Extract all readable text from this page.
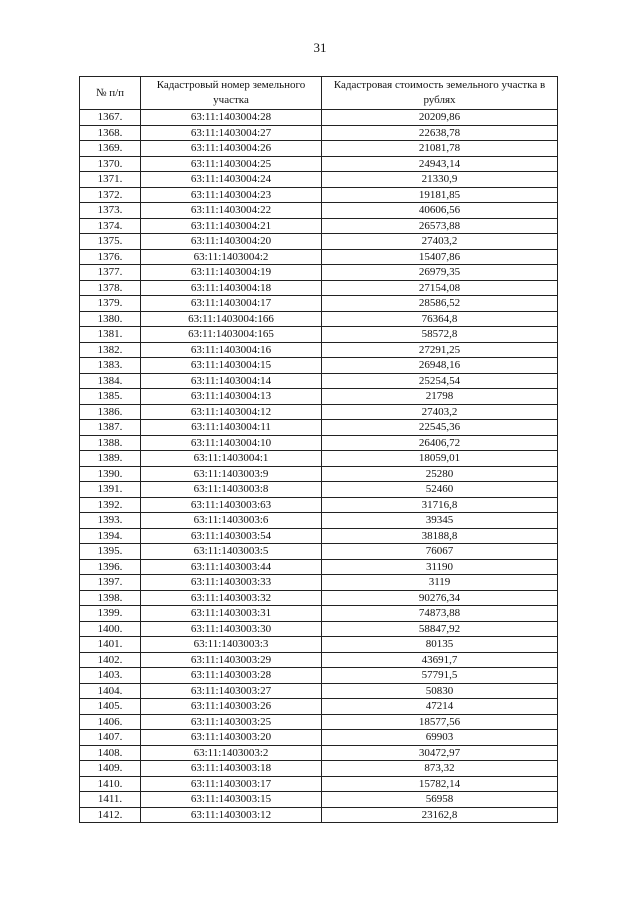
31
№ п/п	Кадастровый номер земельного участка	Кадастровая стоимость земельного участка в рублях
1367.	63:11:1403004:28	20209,86
1368.	63:11:1403004:27	22638,78
1369.	63:11:1403004:26	21081,78
1370.	63:11:1403004:25	24943,14
1371.	63:11:1403004:24	21330,9
1372.	63:11:1403004:23	19181,85
1373.	63:11:1403004:22	40606,56
1374.	63:11:1403004:21	26573,88
1375.	63:11:1403004:20	27403,2
1376.	63:11:1403004:2	15407,86
1377.	63:11:1403004:19	26979,35
1378.	63:11:1403004:18	27154,08
1379.	63:11:1403004:17	28586,52
1380.	63:11:1403004:166	76364,8
1381.	63:11:1403004:165	58572,8
1382.	63:11:1403004:16	27291,25
1383.	63:11:1403004:15	26948,16
1384.	63:11:1403004:14	25254,54
1385.	63:11:1403004:13	21798
1386.	63:11:1403004:12	27403,2
1387.	63:11:1403004:11	22545,36
1388.	63:11:1403004:10	26406,72
1389.	63:11:1403004:1	18059,01
1390.	63:11:1403003:9	25280
1391.	63:11:1403003:8	52460
1392.	63:11:1403003:63	31716,8
1393.	63:11:1403003:6	39345
1394.	63:11:1403003:54	38188,8
1395.	63:11:1403003:5	76067
1396.	63:11:1403003:44	31190
1397.	63:11:1403003:33	3119
1398.	63:11:1403003:32	90276,34
1399.	63:11:1403003:31	74873,88
1400.	63:11:1403003:30	58847,92
1401.	63:11:1403003:3	80135
1402.	63:11:1403003:29	43691,7
1403.	63:11:1403003:28	57791,5
1404.	63:11:1403003:27	50830
1405.	63:11:1403003:26	47214
1406.	63:11:1403003:25	18577,56
1407.	63:11:1403003:20	69903
1408.	63:11:1403003:2	30472,97
1409.	63:11:1403003:18	873,32
1410.	63:11:1403003:17	15782,14
1411.	63:11:1403003:15	56958
1412.	63:11:1403003:12	23162,8
